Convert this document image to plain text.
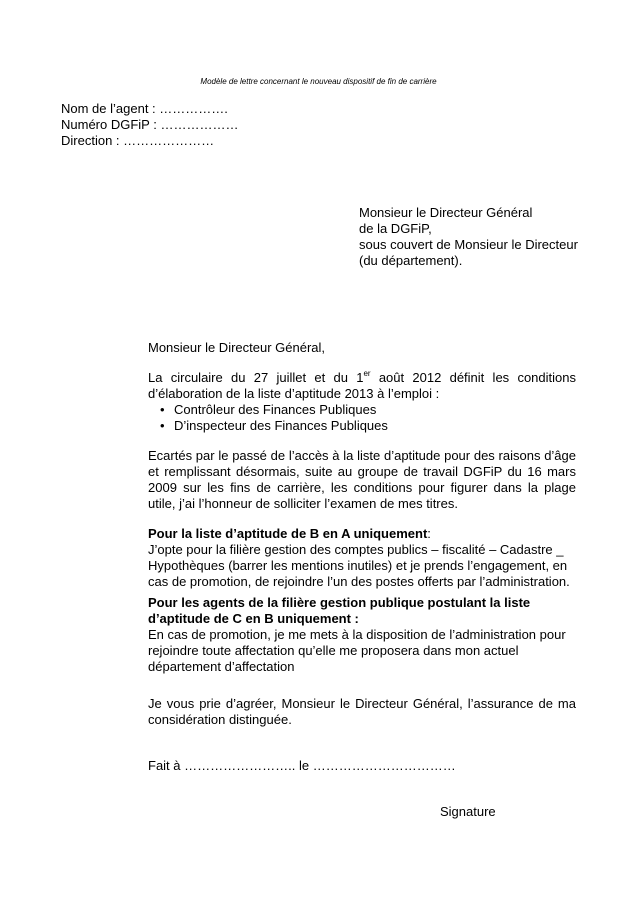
Modèle de lettre concernant le nouveau dispositif de fin de carrière
Nom de l’agent : …………….
Numéro DGFiP : ………………
Direction : …………………
Monsieur le Directeur Général
de la DGFiP,
sous couvert de Monsieur le Directeur
(du département).

Monsieur le Directeur Général,

La circulaire du 27 juillet et du 1er août 2012 définit les conditions
d’élaboration de la liste d’aptitude 2013 à l’emploi :

• Contrôleur des Finances Publiques
• D’inspecteur des Finances Publiques

Ecartés par le passé de l’accès à la liste d’aptitude pour des raisons d’âge et remplissant désormais, suite au groupe de travail DGFiP du 16 mars 2009 sur les fins de carrière, les conditions pour figurer dans la plage utile, j’ai l’honneur de solliciter l’examen de mes titres.

Pour la liste d’aptitude de B en A uniquement:
J’opte pour la filière gestion des comptes publics – fiscalité – Cadastre _
Hypothèques (barrer les mentions inutiles) et je prends l’engagement, en
cas de promotion, de rejoindre l’un des postes offerts par l’administration.
Pour les agents de la filière gestion publique postulant la liste
d’aptitude de C en B uniquement :
En cas de promotion, je me mets à la disposition de l’administration pour
rejoindre toute affectation qu’elle me proposera dans mon actuel
département d’affectation

Je vous prie d’agréer, Monsieur le Directeur Général, l’assurance de ma considération distinguée.

Fait à …………………….. le ……………………………

Signature
